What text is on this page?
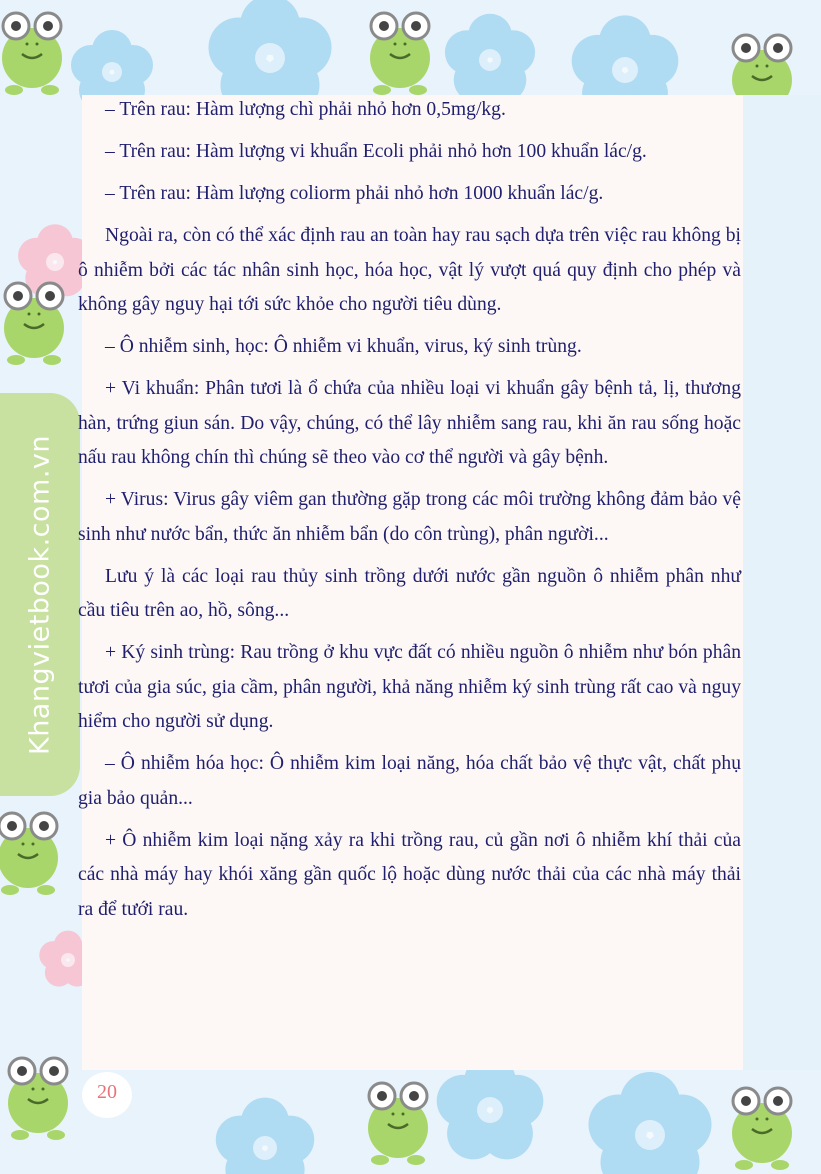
Khangvietbook.com.vn

– Trên rau: Hàm lượng chì phải nhỏ hơn 0,5mg/kg.

– Trên rau: Hàm lượng vi khuẩn Ecoli phải nhỏ hơn 100 khuẩn lác/g.

– Trên rau: Hàm lượng coliorm phải nhỏ hơn 1000 khuẩn lác/g.

Ngoài ra, còn có thể xác định rau an toàn hay rau sạch dựa trên việc rau không bị ô nhiễm bởi các tác nhân sinh học, hóa học, vật lý vượt quá quy định cho phép và không gây nguy hại tới sức khỏe cho người tiêu dùng.

– Ô nhiễm sinh, học: Ô nhiễm vi khuẩn, virus, ký sinh trùng.

+ Vi khuẩn: Phân tươi là ổ chứa của nhiều loại vi khuẩn gây bệnh tả, lị, thương hàn, trứng giun sán. Do vậy, chúng, có thể lây nhiễm sang rau, khi ăn rau sống hoặc nấu rau không chín thì chúng sẽ theo vào cơ thể người và gây bệnh.

+ Virus: Virus gây viêm gan thường gặp trong các môi trường không đảm bảo vệ sinh như nước bẩn, thức ăn nhiễm bẩn (do côn trùng), phân người...

Lưu ý là các loại rau thủy sinh trồng dưới nước gần nguồn ô nhiễm phân như cầu tiêu trên ao, hồ, sông...

+ Ký sinh trùng: Rau trồng ở khu vực đất có nhiều nguồn ô nhiễm như bón phân tươi của gia súc, gia cầm, phân người, khả năng nhiễm ký sinh trùng rất cao và nguy hiểm cho người sử dụng.

– Ô nhiễm hóa học: Ô nhiễm kim loại năng, hóa chất bảo vệ thực vật, chất phụ gia bảo quản...

+ Ô nhiễm kim loại nặng xảy ra khi trồng rau, củ gần nơi ô nhiễm khí thải của các nhà máy hay khói xăng gần quốc lộ hoặc dùng nước thải của các nhà máy thải ra để tưới rau.

20
